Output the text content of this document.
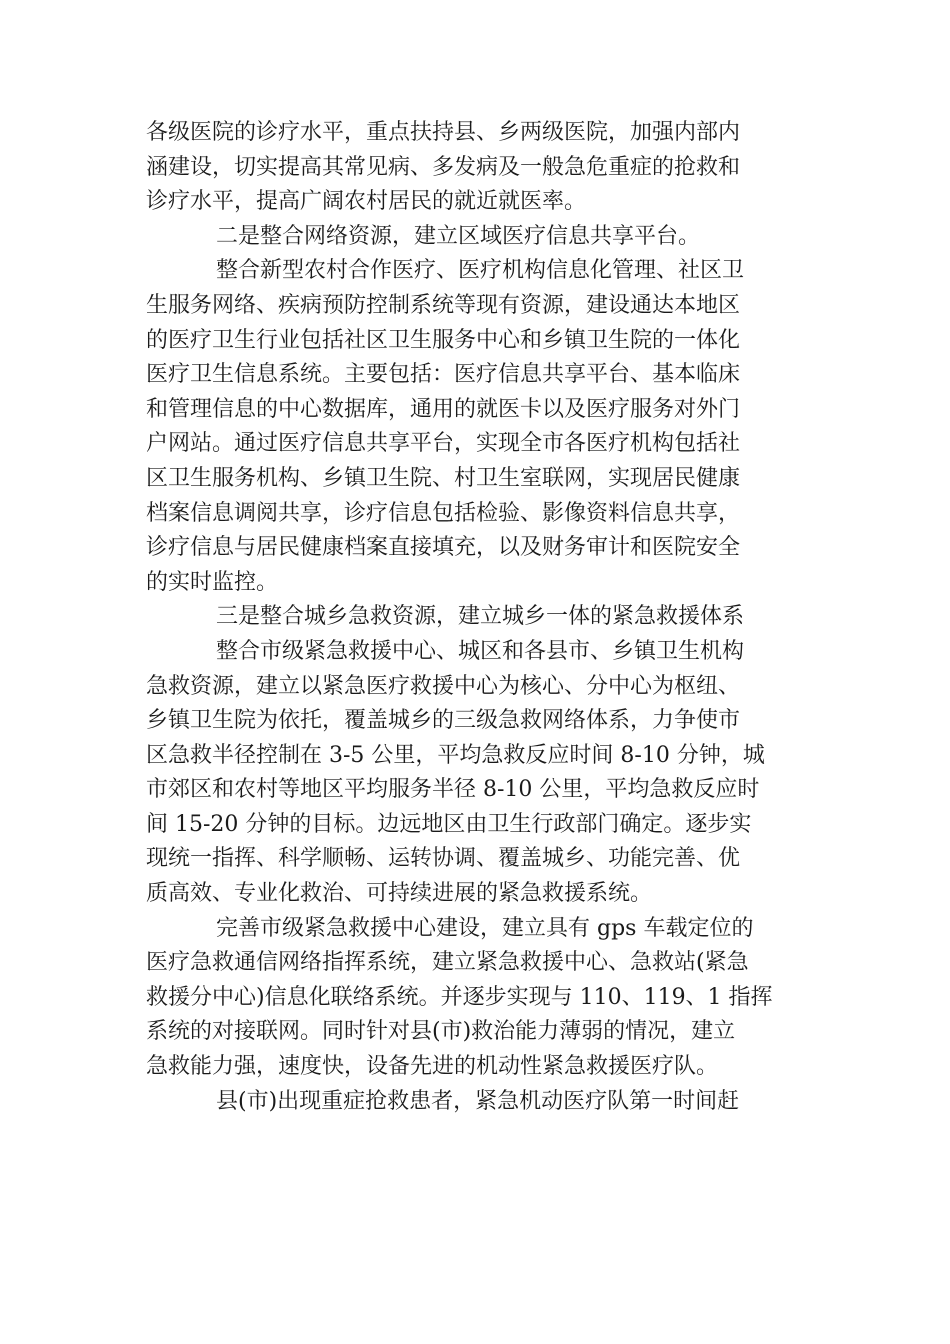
各级医院的诊疗水平，重点扶持县、乡两级医院，加强内部内
涵建设，切实提高其常见病、多发病及一般急危重症的抢救和
诊疗水平，提高广阔农村居民的就近就医率。
二是整合网络资源，建立区域医疗信息共享平台。
整合新型农村合作医疗、医疗机构信息化管理、社区卫
生服务网络、疾病预防控制系统等现有资源，建设通达本地区
的医疗卫生行业包括社区卫生服务中心和乡镇卫生院的一体化
医疗卫生信息系统。主要包括：医疗信息共享平台、基本临床
和管理信息的中心数据库，通用的就医卡以及医疗服务对外门
户网站。通过医疗信息共享平台，实现全市各医疗机构包括社
区卫生服务机构、乡镇卫生院、村卫生室联网，实现居民健康
档案信息调阅共享，诊疗信息包括检验、影像资料信息共享，
诊疗信息与居民健康档案直接填充，以及财务审计和医院安全
的实时监控。
三是整合城乡急救资源，建立城乡一体的紧急救援体系
整合市级紧急救援中心、城区和各县市、乡镇卫生机构
急救资源，建立以紧急医疗救援中心为核心、分中心为枢纽、
乡镇卫生院为依托，覆盖城乡的三级急救网络体系，力争使市
区急救半径控制在 3-5 公里，平均急救反应时间 8-10 分钟，城
市郊区和农村等地区平均服务半径 8-10 公里，平均急救反应时
间 15-20 分钟的目标。边远地区由卫生行政部门确定。逐步实
现统一指挥、科学顺畅、运转协调、覆盖城乡、功能完善、优
质高效、专业化救治、可持续进展的紧急救援系统。
完善市级紧急救援中心建设，建立具有 gps 车载定位的
医疗急救通信网络指挥系统，建立紧急救援中心、急救站(紧急
救援分中心)信息化联络系统。并逐步实现与 110、119、1 指挥
系统的对接联网。同时针对县(市)救治能力薄弱的情况，建立
急救能力强，速度快，设备先进的机动性紧急救援医疗队。
县(市)出现重症抢救患者，紧急机动医疗队第一时间赶
